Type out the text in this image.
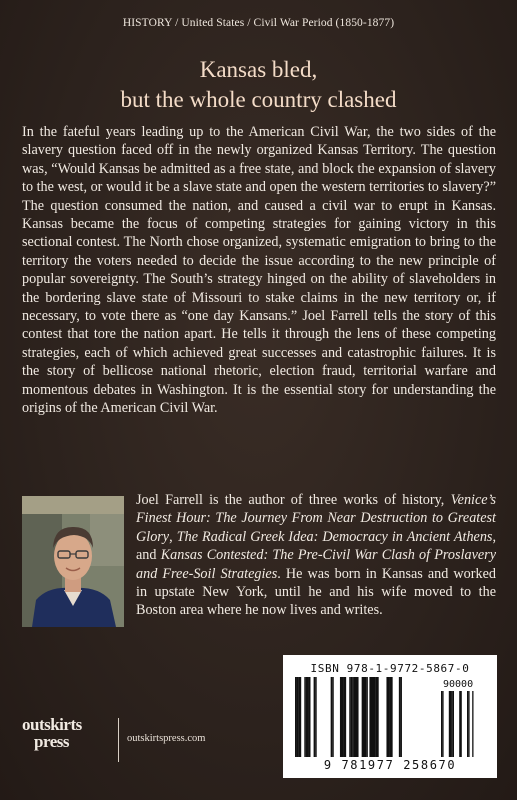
HISTORY / United States / Civil War Period (1850-1877)
Kansas bled,
but the whole country clashed

In the fateful years leading up to the American Civil War, the two sides of the slavery question faced off in the newly organized Kansas Territory. The question was, “Would Kansas be admitted as a free state, and block the expansion of slavery to the west, or would it be a slave state and open the western territories to slavery?” The question consumed the nation, and caused a civil war to erupt in Kansas. Kansas became the focus of competing strategies for gaining victory in this sectional contest. The North chose organized, systematic emigration to bring to the territory the voters needed to decide the issue according to the new principle of popular sovereignty. The South’s strategy hinged on the ability of slaveholders in the bordering slave state of Missouri to stake claims in the new territory or, if necessary, to vote there as “one day Kansans.” Joel Farrell tells the story of this contest that tore the nation apart. He tells it through the lens of these competing strategies, each of which achieved great successes and catastrophic failures. It is the story of bellicose national rhetoric, election fraud, territorial warfare and momentous debates in Washington. It is the essential story for understanding the origins of the American Civil War.

Joel Farrell is the author of three works of history, Venice’s Finest Hour: The Journey From Near Destruction to Greatest Glory, The Radical Greek Idea: Democracy in Ancient Athens, and Kansas Contested: The Pre-Civil War Clash of Proslavery and Free-Soil Strategies. He was born in Kansas and worked in upstate New York, until he and his wife moved to the Boston area where he now lives and writes.

ISBN 978-1-9772-5867-0
90000
9 781977 258670
outskirts
press	outskirtspress.com
